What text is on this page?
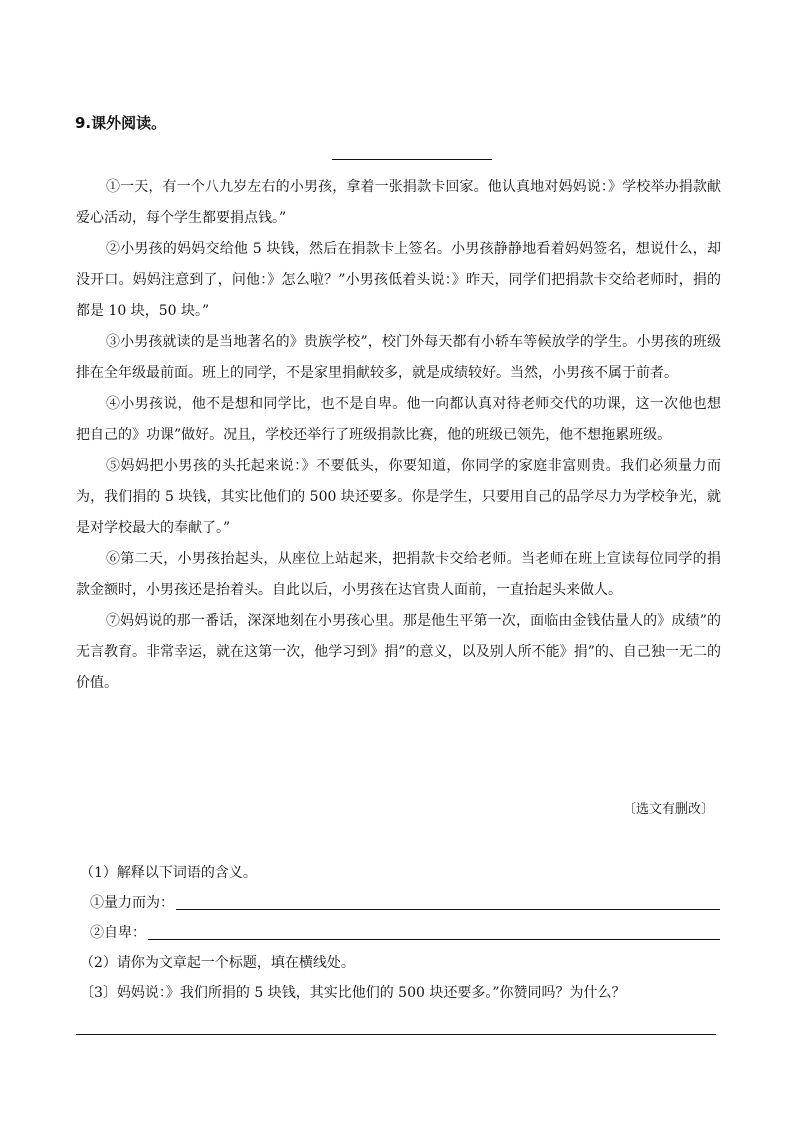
9.课外阅读。

①一天，有一个八九岁左右的小男孩，拿着一张捐款卡回家。他认真地对妈妈说：》学校举办捐款献爱心活动，每个学生都要捐点钱。”

②小男孩的妈妈交给他 5 块钱，然后在捐款卡上签名。小男孩静静地看着妈妈签名，想说什么，却没开口。妈妈注意到了，问他：》怎么啦？”小男孩低着头说：》昨天，同学们把捐款卡交给老师时，捐的都是 10 块，50 块。”

③小男孩就读的是当地著名的》贵族学校”，校门外每天都有小轿车等候放学的学生。小男孩的班级排在全年级最前面。班上的同学，不是家里捐献较多，就是成绩较好。当然，小男孩不属于前者。

④小男孩说，他不是想和同学比，也不是自卑。他一向都认真对待老师交代的功课，这一次他也想把自己的》功课”做好。况且，学校还举行了班级捐款比赛，他的班级已领先，他不想拖累班级。

⑤妈妈把小男孩的头托起来说：》不要低头，你要知道，你同学的家庭非富则贵。我们必须量力而为，我们捐的 5 块钱，其实比他们的 500 块还要多。你是学生，只要用自己的品学尽力为学校争光，就是对学校最大的奉献了。”

⑥第二天，小男孩抬起头，从座位上站起来，把捐款卡交给老师。当老师在班上宣读每位同学的捐款金额时，小男孩还是抬着头。自此以后，小男孩在达官贵人面前，一直抬起头来做人。

⑦妈妈说的那一番话，深深地刻在小男孩心里。那是他生平第一次，面临由金钱估量人的》成绩”的无言教育。非常幸运，就在这第一次，他学习到》捐”的意义，以及别人所不能》捐”的、自己独一无二的价值。

〔选文有删改〕
（1）解释以下词语的含义。
①量力而为：
②自卑：
（2）请你为文章起一个标题，填在横线处。
〔3〕妈妈说：》我们所捐的 5 块钱，其实比他们的 500 块还要多。”你赞同吗？为什么？
